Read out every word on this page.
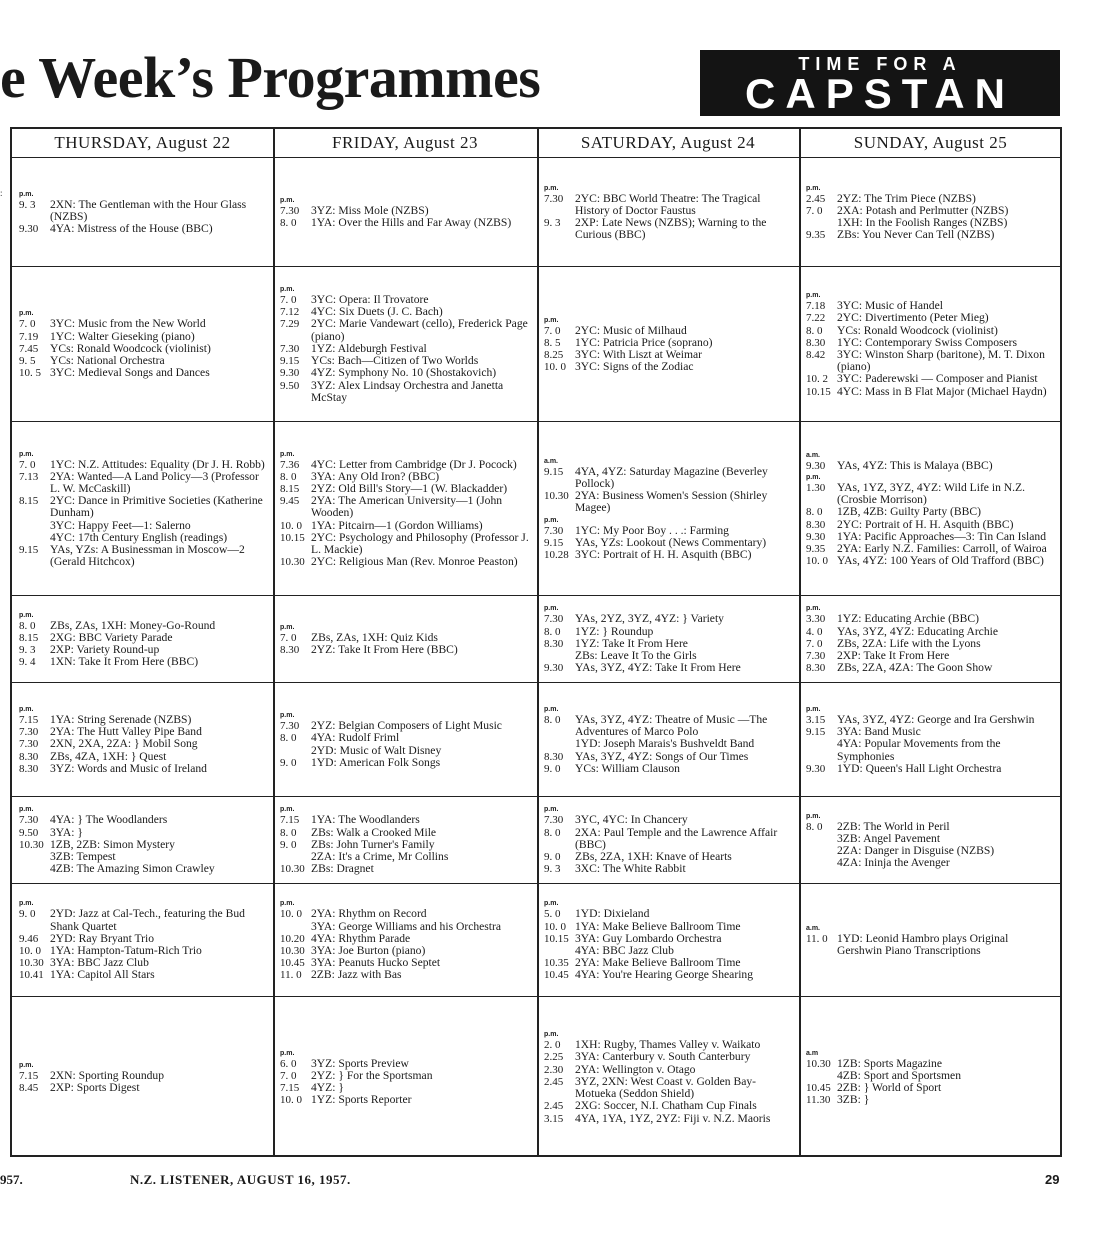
e Week’s Programmes	TIME FOR A
CAPSTAN
THURSDAY, August 22	FRIDAY, August 23	SATURDAY, August 24	SUNDAY, August 25
p.m.
9. 3	2XN: The Gentleman with the Hour Glass (NZBS)
9.30	4YA: Mistress of the House (BBC)
p.m.
7.30	3YZ: Miss Mole (NZBS)
8. 0	1YA: Over the Hills and Far Away (NZBS)
p.m.
7.30	2YC: BBC World Theatre: The Tragical History of Doctor Faustus
9. 3	2XP: Late News (NZBS); Warning to the Curious (BBC)
p.m.
2.45	2YZ: The Trim Piece (NZBS)
7. 0	2XA: Potash and Perlmutter (NZBS)
1XH: In the Foolish Ranges (NZBS)
9.35	ZBs: You Never Can Tell (NZBS)
p.m.
7. 0	3YC: Music from the New World
7.19	1YC: Walter Gieseking (piano)
7.45	YCs: Ronald Woodcock (violinist)
9. 5	YCs: National Orchestra
10. 5 3YC: Medieval Songs and Dances
p.m.
7. 0	3YC: Opera: Il Trovatore
7.12	4YC: Six Duets (J. C. Bach)
7.29	2YC: Marie Vandewart (cello), Frederick Page (piano)
7.30	1YZ: Aldeburgh Festival
9.15	YCs: Bach—Citizen of Two Worlds
9.30	4YZ: Symphony No. 10 (Shostakovich)
9.50	3YZ: Alex Lindsay Orchestra and Janetta McStay
p.m.
7. 0	2YC: Music of Milhaud
8. 5	1YC: Patricia Price (soprano)
8.25	3YC: With Liszt at Weimar
10. 0 3YC: Signs of the Zodiac
p.m.
7.18	3YC: Music of Handel
7.22	2YC: Divertimento (Peter Mieg)
8. 0	YCs: Ronald Woodcock (violinist)
8.30	1YC: Contemporary Swiss Composers
8.42	3YC: Winston Sharp (baritone), M. T. Dixon (piano)
10. 2 3YC: Paderewski — Composer and Pianist
10.15 4YC: Mass in B Flat Major (Michael Haydn)
p.m.
7. 0	1YC: N.Z. Attitudes: Equality (Dr J. H. Robb)
7.13	2YA: Wanted—A Land Policy—3 (Professor L. W. McCaskill)
8.15	2YC: Dance in Primitive Societies (Katherine Dunham)
3YC: Happy Feet—1: Salerno
4YC: 17th Century English (readings)
9.15	YAs, YZs: A Businessman in Moscow—2 (Gerald Hitchcox)
p.m.
7.36	4YC: Letter from Cambridge (Dr J. Pocock)
8. 0	3YA: Any Old Iron? (BBC)
8.15	2YZ: Old Bill's Story—1 (W. Blackadder)
9.45	2YA: The American University—1 (John Wooden)
10. 0 1YA: Pitcairn—1 (Gordon Williams)
10.15 2YC: Psychology and Philosophy (Professor J. L. Mackie)
10.30 2YC: Religious Man (Rev. Monroe Peaston)
a.m.
9.15	4YA, 4YZ: Saturday Magazine (Beverley Pollock)
10.30 2YA: Business Women's Session (Shirley Magee)
p.m.
7.30	1YC: My Poor Boy . . .: Farming
9.15	YAs, YZs: Lookout (News Commentary)
10.28 3YC: Portrait of H. H. Asquith (BBC)
a.m.
9.30	YAs, 4YZ: This is Malaya (BBC)
p.m.
1.30	YAs, 1YZ, 3YZ, 4YZ: Wild Life in N.Z. (Crosbie Morrison)
8. 0	1ZB, 4ZB: Guilty Party (BBC)
8.30	2YC: Portrait of H. H. Asquith (BBC)
9.30	1YA: Pacific Approaches—3: Tin Can Island
9.35	2YA: Early N.Z. Families: Carroll, of Wairoa
10. 0 YAs, 4YZ: 100 Years of Old Trafford (BBC)
p.m.
8. 0	ZBs, ZAs, 1XH: Money-Go-Round
8.15	2XG: BBC Variety Parade
9. 3	2XP: Variety Round-up
9. 4	1XN: Take It From Here (BBC)
p.m.
7. 0	ZBs, ZAs, 1XH: Quiz Kids
8.30	2YZ: Take It From Here (BBC)
p.m.
7.30	YAs, 2YZ, 3YZ, 4YZ: } Variety
8. 0	1YZ: } Roundup
8.30	1YZ: Take It From Here
ZBs: Leave It To the Girls
9.30	YAs, 3YZ, 4YZ: Take It From Here
p.m.
3.30	1YZ: Educating Archie (BBC)
4. 0	YAs, 3YZ, 4YZ: Educating Archie
7. 0	ZBs, 2ZA: Life with the Lyons
7.30	2XP: Take It From Here
8.30	ZBs, 2ZA, 4ZA: The Goon Show
p.m.
7.15	1YA: String Serenade (NZBS)
7.30	2YA: The Hutt Valley Pipe Band
7.30	2XN, 2XA, 2ZA: } Mobil Song
8.30	ZBs, 4ZA, 1XH: } Quest
8.30	3YZ: Words and Music of Ireland
p.m.
7.30	2YZ: Belgian Composers of Light Music
8. 0	4YA: Rudolf Friml
2YD: Music of Walt Disney
9. 0	1YD: American Folk Songs
p.m.
8. 0	YAs, 3YZ, 4YZ: Theatre of Music —The Adventures of Marco Polo
1YD: Joseph Marais's Bushveldt Band
8.30	YAs, 3YZ, 4YZ: Songs of Our Times
9. 0	YCs: William Clauson
p.m.
3.15	YAs, 3YZ, 4YZ: George and Ira Gershwin
9.15	3YA: Band Music
4YA: Popular Movements from the Symphonies
9.30	1YD: Queen's Hall Light Orchestra
p.m.
7.30	4YA: } The Woodlanders
9.50	3YA: }
10.30 1ZB, 2ZB: Simon Mystery
3ZB: Tempest
4ZB: The Amazing Simon Crawley
p.m.
7.15	1YA: The Woodlanders
8. 0	ZBs: Walk a Crooked Mile
9. 0	ZBs: John Turner's Family
2ZA: It's a Crime, Mr Collins
10.30 ZBs: Dragnet
p.m.
7.30	3YC, 4YC: In Chancery
8. 0	2XA: Paul Temple and the Lawrence Affair (BBC)
9. 0	ZBs, 2ZA, 1XH: Knave of Hearts
9. 3	3XC: The White Rabbit
p.m.
8. 0	2ZB: The World in Peril
3ZB: Angel Pavement
2ZA: Danger in Disguise (NZBS)
4ZA: Ininja the Avenger
p.m.
9. 0	2YD: Jazz at Cal-Tech., featuring the Bud Shank Quartet
9.46	2YD: Ray Bryant Trio
10. 0 1YA: Hampton-Tatum-Rich Trio
10.30 3YA: BBC Jazz Club
10.41 1YA: Capitol All Stars
p.m.
10. 0 2YA: Rhythm on Record
3YA: George Williams and his Orchestra
10.20 4YA: Rhythm Parade
10.30 3YA: Joe Burton (piano)
10.45 3YA: Peanuts Hucko Septet
11. 0 2ZB: Jazz with Bas
p.m.
5. 0	1YD: Dixieland
10. 0 1YA: Make Believe Ballroom Time
10.15 3YA: Guy Lombardo Orchestra
4YA: BBC Jazz Club
10.35 2YA: Make Believe Ballroom Time
10.45 4YA: You're Hearing George Shearing
a.m.
11. 0 1YD: Leonid Hambro plays Original Gershwin Piano Transcriptions
p.m.
7.15	2XN: Sporting Roundup
8.45	2XP: Sports Digest
p.m.
6. 0	3YZ: Sports Preview
7. 0	2YZ: } For the Sportsman
7.15	4YZ: }
10. 0 1YZ: Sports Reporter
p.m.
2. 0	1XH: Rugby, Thames Valley v. Waikato
2.25	3YA: Canterbury v. South Canterbury
2.30	2YA: Wellington v. Otago
2.45	3YZ, 2XN: West Coast v. Golden Bay-Motueka (Seddon Shield)
2.45	2XG: Soccer, N.I. Chatham Cup Finals
3.15	4YA, 1YA, 1YZ, 2YZ: Fiji v. N.Z. Maoris
a.m
10.30 1ZB: Sports Magazine
4ZB: Sport and Sportsmen
10.45 2ZB: } World of Sport
11.30 3ZB: }
:
957.	N.Z. LISTENER, AUGUST 16, 1957.	29
